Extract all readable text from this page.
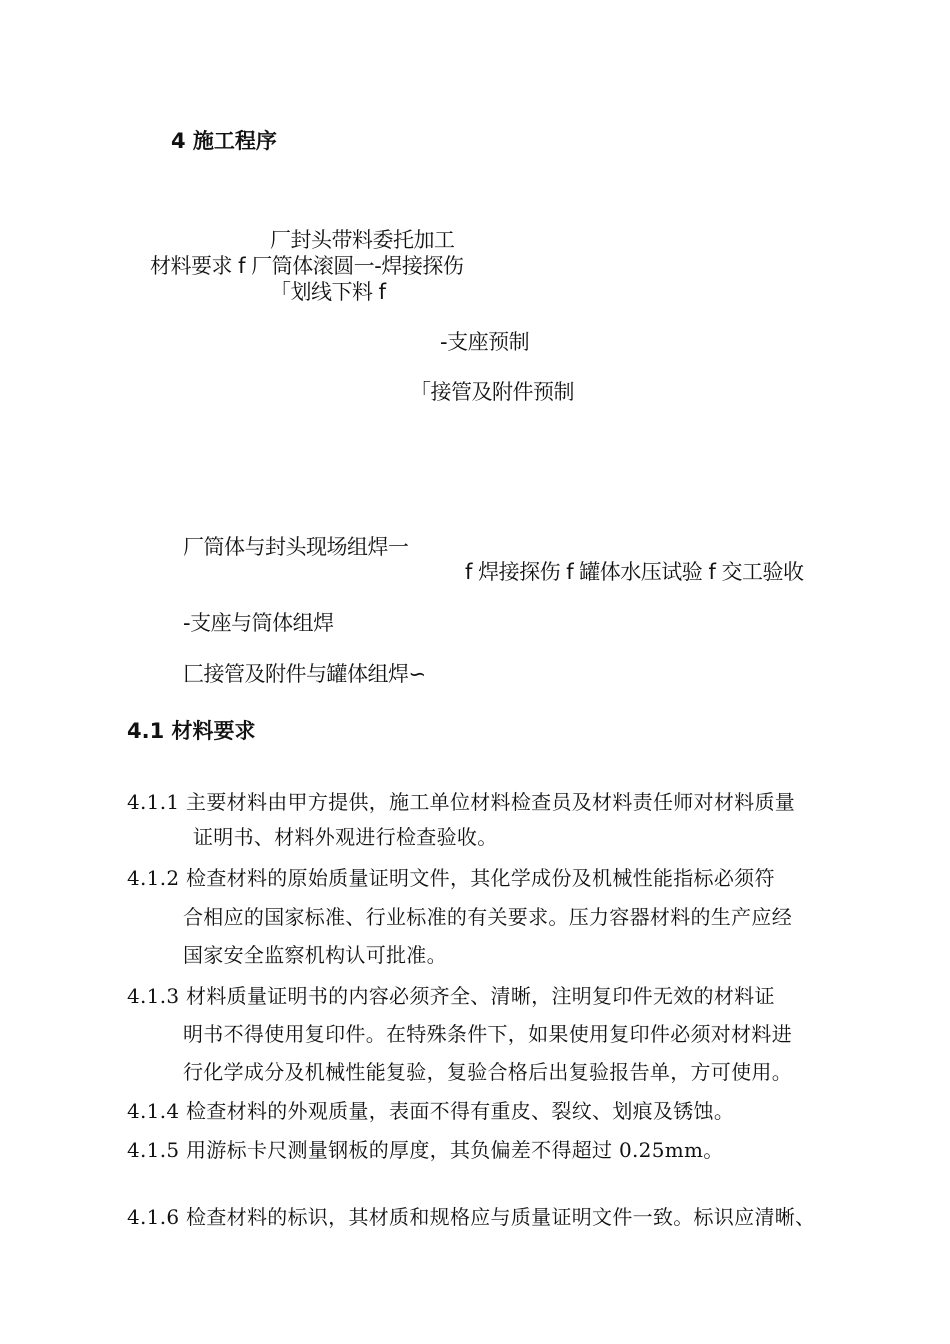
4 施工程序
厂封头带料委托加工
材料要求 f 厂筒体滚圆一-焊接探伤
「划线下料 f
-支座预制
「接管及附件预制
厂筒体与封头现场组焊一
f 焊接探伤 f 罐体水压试验 f 交工验收
-支座与筒体组焊
匚接管及附件与罐体组焊∽
4.1 材料要求
4.1.1 主要材料由甲方提供，施工单位材料检查员及材料责任师对材料质量
证明书、材料外观进行检查验收。
4.1.2 检查材料的原始质量证明文件，其化学成份及机械性能指标必须符
合相应的国家标准、行业标准的有关要求。压力容器材料的生产应经
国家安全监察机构认可批准。
4.1.3 材料质量证明书的内容必须齐全、清晰，注明复印件无效的材料证
明书不得使用复印件。在特殊条件下，如果使用复印件必须对材料进
行化学成分及机械性能复验，复验合格后出复验报告单，方可使用。
4.1.4 检查材料的外观质量，表面不得有重皮、裂纹、划痕及锈蚀。
4.1.5 用游标卡尺测量钢板的厚度，其负偏差不得超过 0.25mm。
4.1.6 检查材料的标识，其材质和规格应与质量证明文件一致。标识应清晰、
